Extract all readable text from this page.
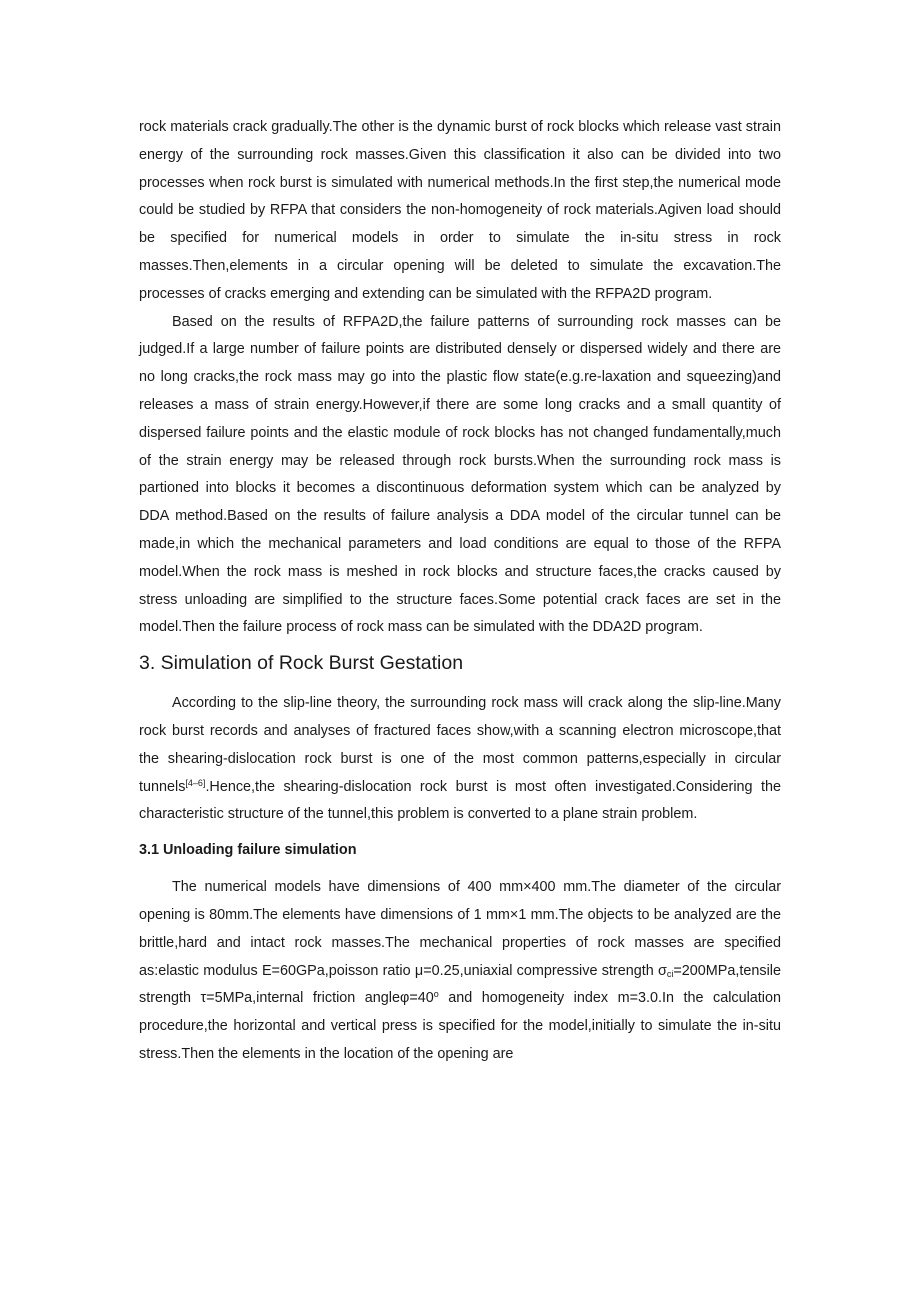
rock materials crack gradually.The other is the dynamic burst of rock blocks which release vast strain energy of the surrounding rock masses.Given this classification it also can be divided into two processes when rock burst is simulated with numerical methods.In the first step,the numerical mode could be studied by RFPA that considers the non-homogeneity of rock materials.Agiven load should be specified for numerical models in order to simulate the in-situ stress in rock masses.Then,elements in a circular opening will be deleted to simulate the excavation.The processes of cracks emerging and extending can be simulated with the RFPA2D program.

Based on the results of RFPA2D,the failure patterns of surrounding rock masses can be judged.If a large number of failure points are distributed densely or dispersed widely and there are no long cracks,the rock mass may go into the plastic flow state(e.g.re-laxation and squeezing)and releases a mass of strain energy.However,if there are some long cracks and a small quantity of dispersed failure points and the elastic module of rock blocks has not changed fundamentally,much of the strain energy may be released through rock bursts.When the surrounding rock mass is partioned into blocks it becomes a discontinuous deformation system which can be analyzed by DDA method.Based on the results of failure analysis a DDA model of the circular tunnel can be made,in which the mechanical parameters and load conditions are equal to those of the RFPA model.When the rock mass is meshed in rock blocks and structure faces,the cracks caused by stress unloading are simplified to the structure faces.Some potential crack faces are set in the model.Then the failure process of rock mass can be simulated with the DDA2D program.

3. Simulation of Rock Burst Gestation

According to the slip-line theory, the surrounding rock mass will crack along the slip-line.Many rock burst records and analyses of fractured faces show,with a scanning electron microscope,that the shearing-dislocation rock burst is one of the most common patterns,especially in circular tunnels[4–6].Hence,the shearing-dislocation rock burst is most often investigated.Considering the characteristic structure of the tunnel,this problem is converted to a plane strain problem.

3.1 Unloading failure simulation

The numerical models have dimensions of 400 mm×400 mm.The diameter of the circular opening is 80mm.The elements have dimensions of 1 mm×1 mm.The objects to be analyzed are the brittle,hard and intact rock masses.The mechanical properties of rock masses are specified as:elastic modulus E=60GPa,poisson ratio μ=0.25,uniaxial compressive strength $\sigma_{ci}=200MPa,tensile$ strength τ=5MPa,internal friction $angle\varphi=40^o$ and homogeneity index m=3.0.In the calculation procedure,the horizontal and vertical press is specified for the model,initially to simulate the in-situ stress.Then the elements in the location of the opening are
